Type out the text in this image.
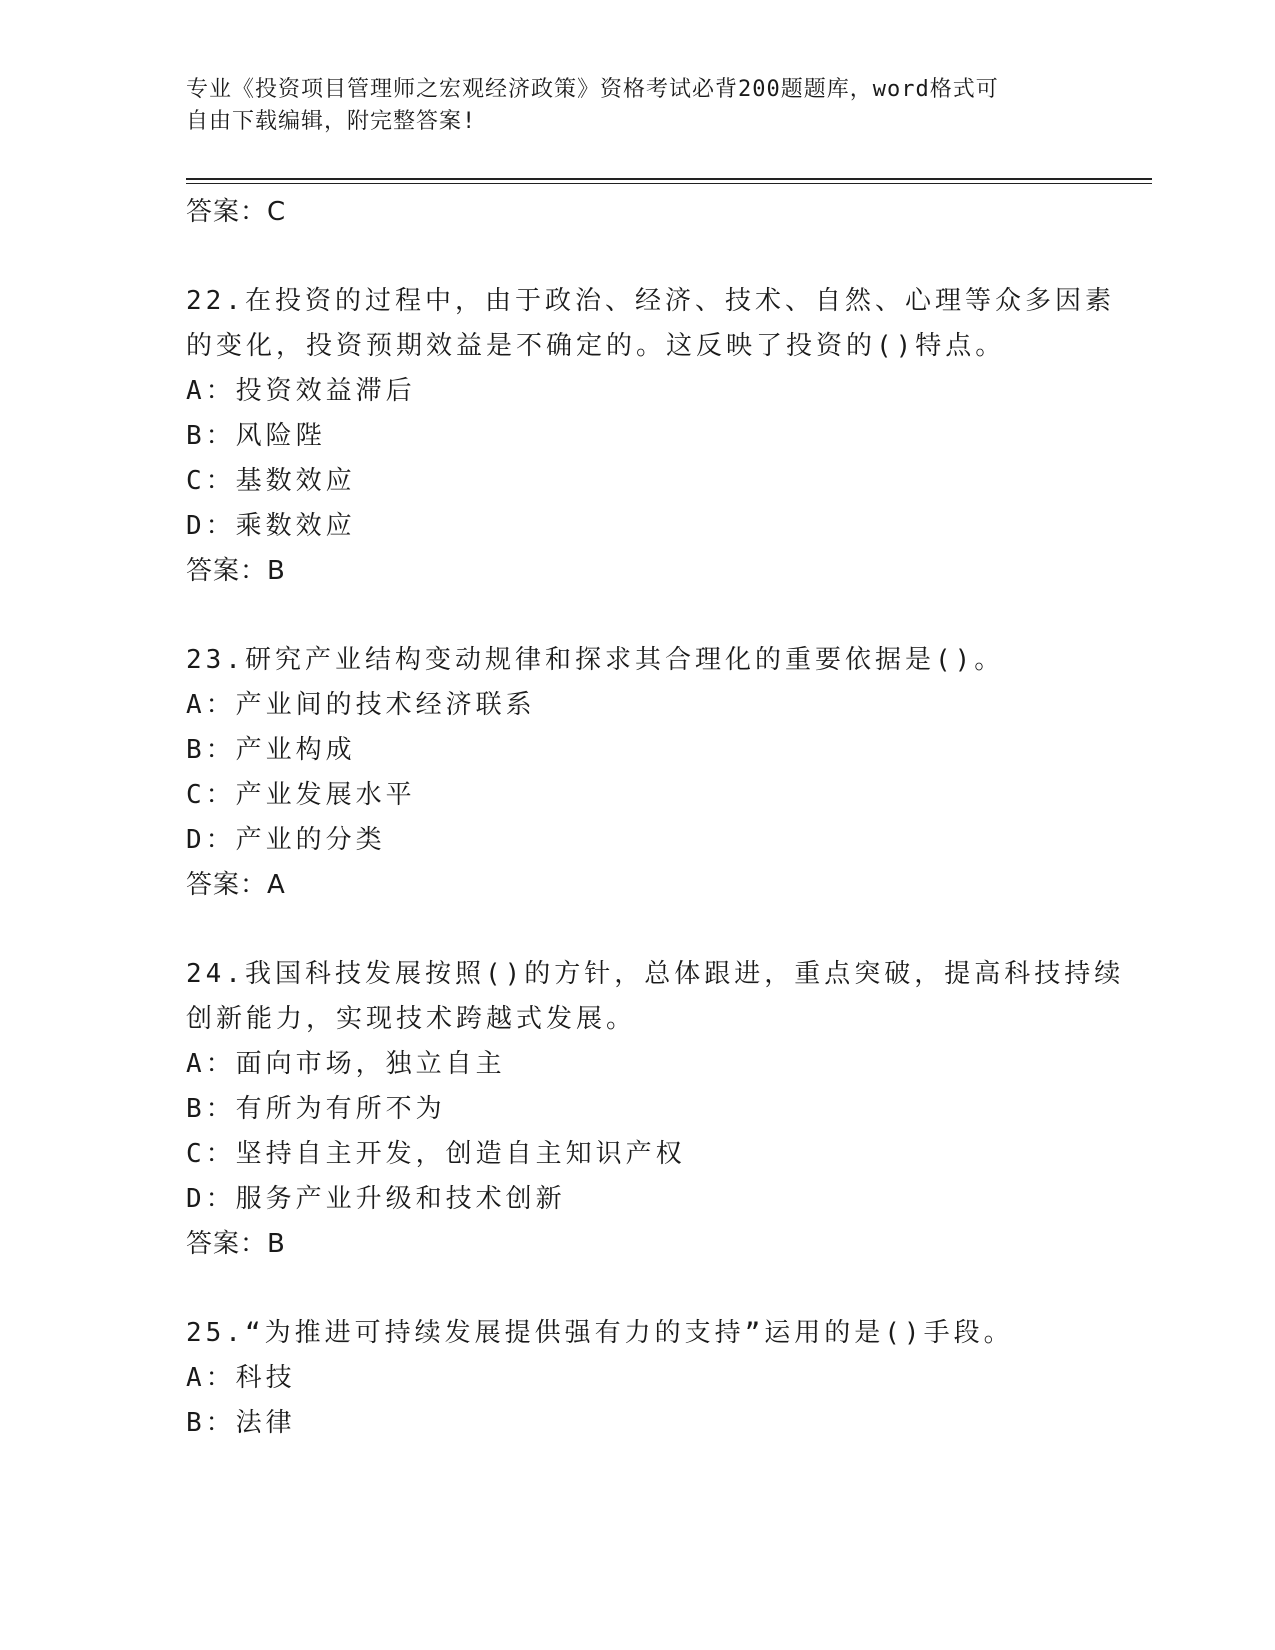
专业《投资项目管理师之宏观经济政策》资格考试必背200题题库，word格式可
自由下载编辑，附完整答案!
答案：C
22.在投资的过程中，由于政治、经济、技术、自然、心理等众多因素
的变化，投资预期效益是不确定的。这反映了投资的()特点。
A：投资效益滞后
B：风险陛
C：基数效应
D：乘数效应
答案：B
23.研究产业结构变动规律和探求其合理化的重要依据是()。
A：产业间的技术经济联系
B：产业构成
C：产业发展水平
D：产业的分类
答案：A
24.我国科技发展按照()的方针，总体跟进，重点突破，提高科技持续
创新能力，实现技术跨越式发展。
A：面向市场，独立自主
B：有所为有所不为
C：坚持自主开发，创造自主知识产权
D：服务产业升级和技术创新
答案：B
25.“为推进可持续发展提供强有力的支持”运用的是()手段。
A：科技
B：法律
